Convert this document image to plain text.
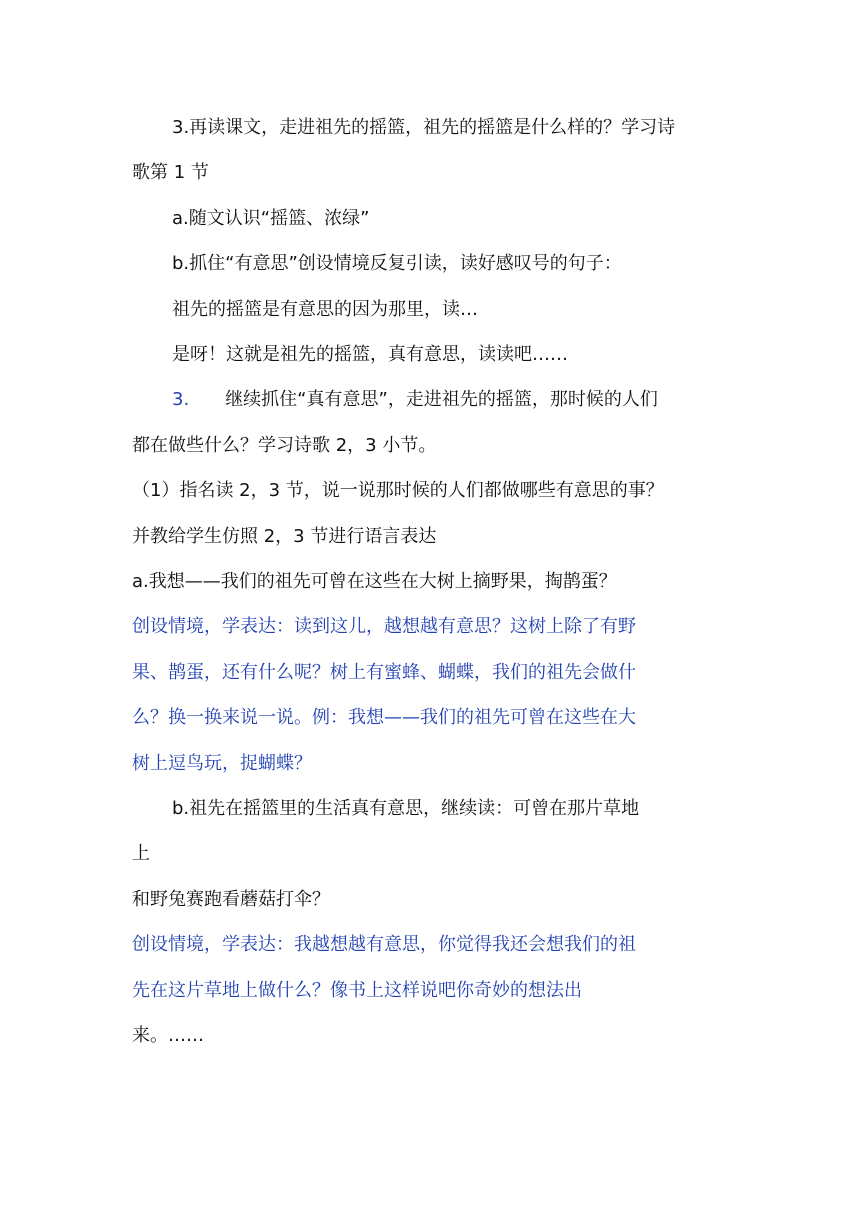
3.再读课文，走进祖先的摇篮，祖先的摇篮是什么样的？学习诗
歌第 1 节
a.随文认识“摇篮、浓绿”
b.抓住“有意思”创设情境反复引读，读好感叹号的句子：
祖先的摇篮是有意思的因为那里，读…
是呀！这就是祖先的摇篮，真有意思，读读吧……
3. 继续抓住“真有意思”，走进祖先的摇篮，那时候的人们
都在做些什么？学习诗歌 2，3 小节。
（1）指名读 2，3 节，说一说那时候的人们都做哪些有意思的事？
并教给学生仿照 2，3 节进行语言表达
a.我想——我们的祖先可曾在这些在大树上摘野果，掏鹊蛋？
创设情境，学表达：读到这儿，越想越有意思？这树上除了有野
果、鹊蛋，还有什么呢？树上有蜜蜂、蝴蝶，我们的祖先会做什
么？换一换来说一说。例：我想——我们的祖先可曾在这些在大
树上逗鸟玩，捉蝴蝶？
b.祖先在摇篮里的生活真有意思，继续读：可曾在那片草地
上
和野兔赛跑看蘑菇打伞？
创设情境，学表达：我越想越有意思，你觉得我还会想我们的祖
先在这片草地上做什么？像书上这样说吧你奇妙的想法出
来。……
